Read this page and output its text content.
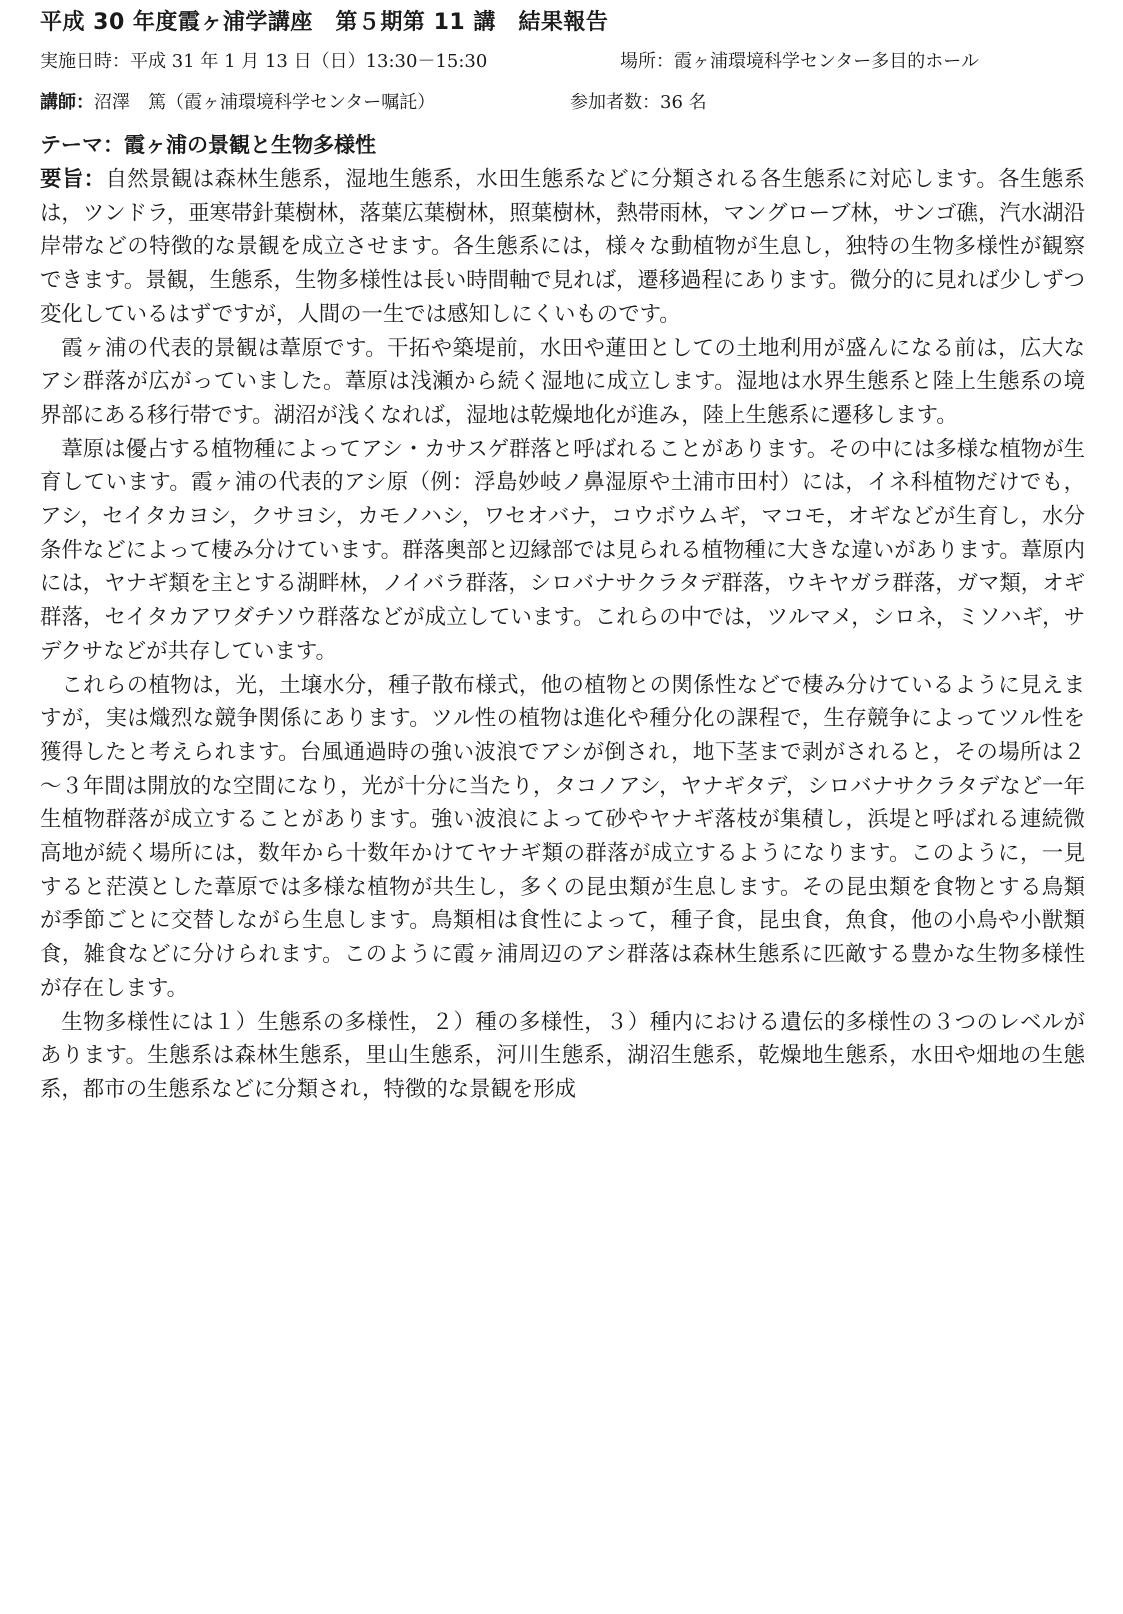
平成 30 年度霞ヶ浦学講座　第５期第 11 講　結果報告
実施日時：平成 31 年 1 月 13 日（日）13:30－15:30	場所：霞ヶ浦環境科学センター多目的ホール
講師：沼澤　篤（霞ヶ浦環境科学センター嘱託）	参加者数：36 名
テーマ：霞ヶ浦の景観と生物多様性

要旨：自然景観は森林生態系，湿地生態系，水田生態系などに分類される各生態系に対応します。各生態系は，ツンドラ，亜寒帯針葉樹林，落葉広葉樹林，照葉樹林，熱帯雨林，マングローブ林，サンゴ礁，汽水湖沿岸帯などの特徴的な景観を成立させます。各生態系には，様々な動植物が生息し，独特の生物多様性が観察できます。景観，生態系，生物多様性は長い時間軸で見れば，遷移過程にあります。微分的に見れば少しずつ変化しているはずですが，人間の一生では感知しにくいものです。

霞ヶ浦の代表的景観は葦原です。干拓や築堤前，水田や蓮田としての土地利用が盛んになる前は，広大なアシ群落が広がっていました。葦原は浅瀬から続く湿地に成立します。湿地は水界生態系と陸上生態系の境界部にある移行帯です。湖沼が浅くなれば，湿地は乾燥地化が進み，陸上生態系に遷移します。

葦原は優占する植物種によってアシ・カサスゲ群落と呼ばれることがあります。その中には多様な植物が生育しています。霞ヶ浦の代表的アシ原（例：浮島妙岐ノ鼻湿原や土浦市田村）には，イネ科植物だけでも，アシ，セイタカヨシ，クサヨシ，カモノハシ，ワセオバナ，コウボウムギ，マコモ，オギなどが生育し，水分条件などによって棲み分けています。群落奥部と辺縁部では見られる植物種に大きな違いがあります。葦原内には，ヤナギ類を主とする湖畔林，ノイバラ群落，シロバナサクラタデ群落，ウキヤガラ群落，ガマ類，オギ群落，セイタカアワダチソウ群落などが成立しています。これらの中では，ツルマメ，シロネ，ミソハギ，サデクサなどが共存しています。

これらの植物は，光，土壌水分，種子散布様式，他の植物との関係性などで棲み分けているように見えますが，実は熾烈な競争関係にあります。ツル性の植物は進化や種分化の課程で，生存競争によってツル性を獲得したと考えられます。台風通過時の強い波浪でアシが倒され，地下茎まで剥がされると，その場所は２～３年間は開放的な空間になり，光が十分に当たり，タコノアシ，ヤナギタデ，シロバナサクラタデなど一年生植物群落が成立することがあります。強い波浪によって砂やヤナギ落枝が集積し，浜堤と呼ばれる連続微高地が続く場所には，数年から十数年かけてヤナギ類の群落が成立するようになります。このように，一見すると茫漠とした葦原では多様な植物が共生し，多くの昆虫類が生息します。その昆虫類を食物とする鳥類が季節ごとに交替しながら生息します。鳥類相は食性によって，種子食，昆虫食，魚食，他の小鳥や小獣類食，雑食などに分けられます。このように霞ヶ浦周辺のアシ群落は森林生態系に匹敵する豊かな生物多様性が存在します。

生物多様性には１）生態系の多様性，２）種の多様性，３）種内における遺伝的多様性の３つのレベルがあります。生態系は森林生態系，里山生態系，河川生態系，湖沼生態系，乾燥地生態系，水田や畑地の生態系，都市の生態系などに分類され，特徴的な景観を形成
